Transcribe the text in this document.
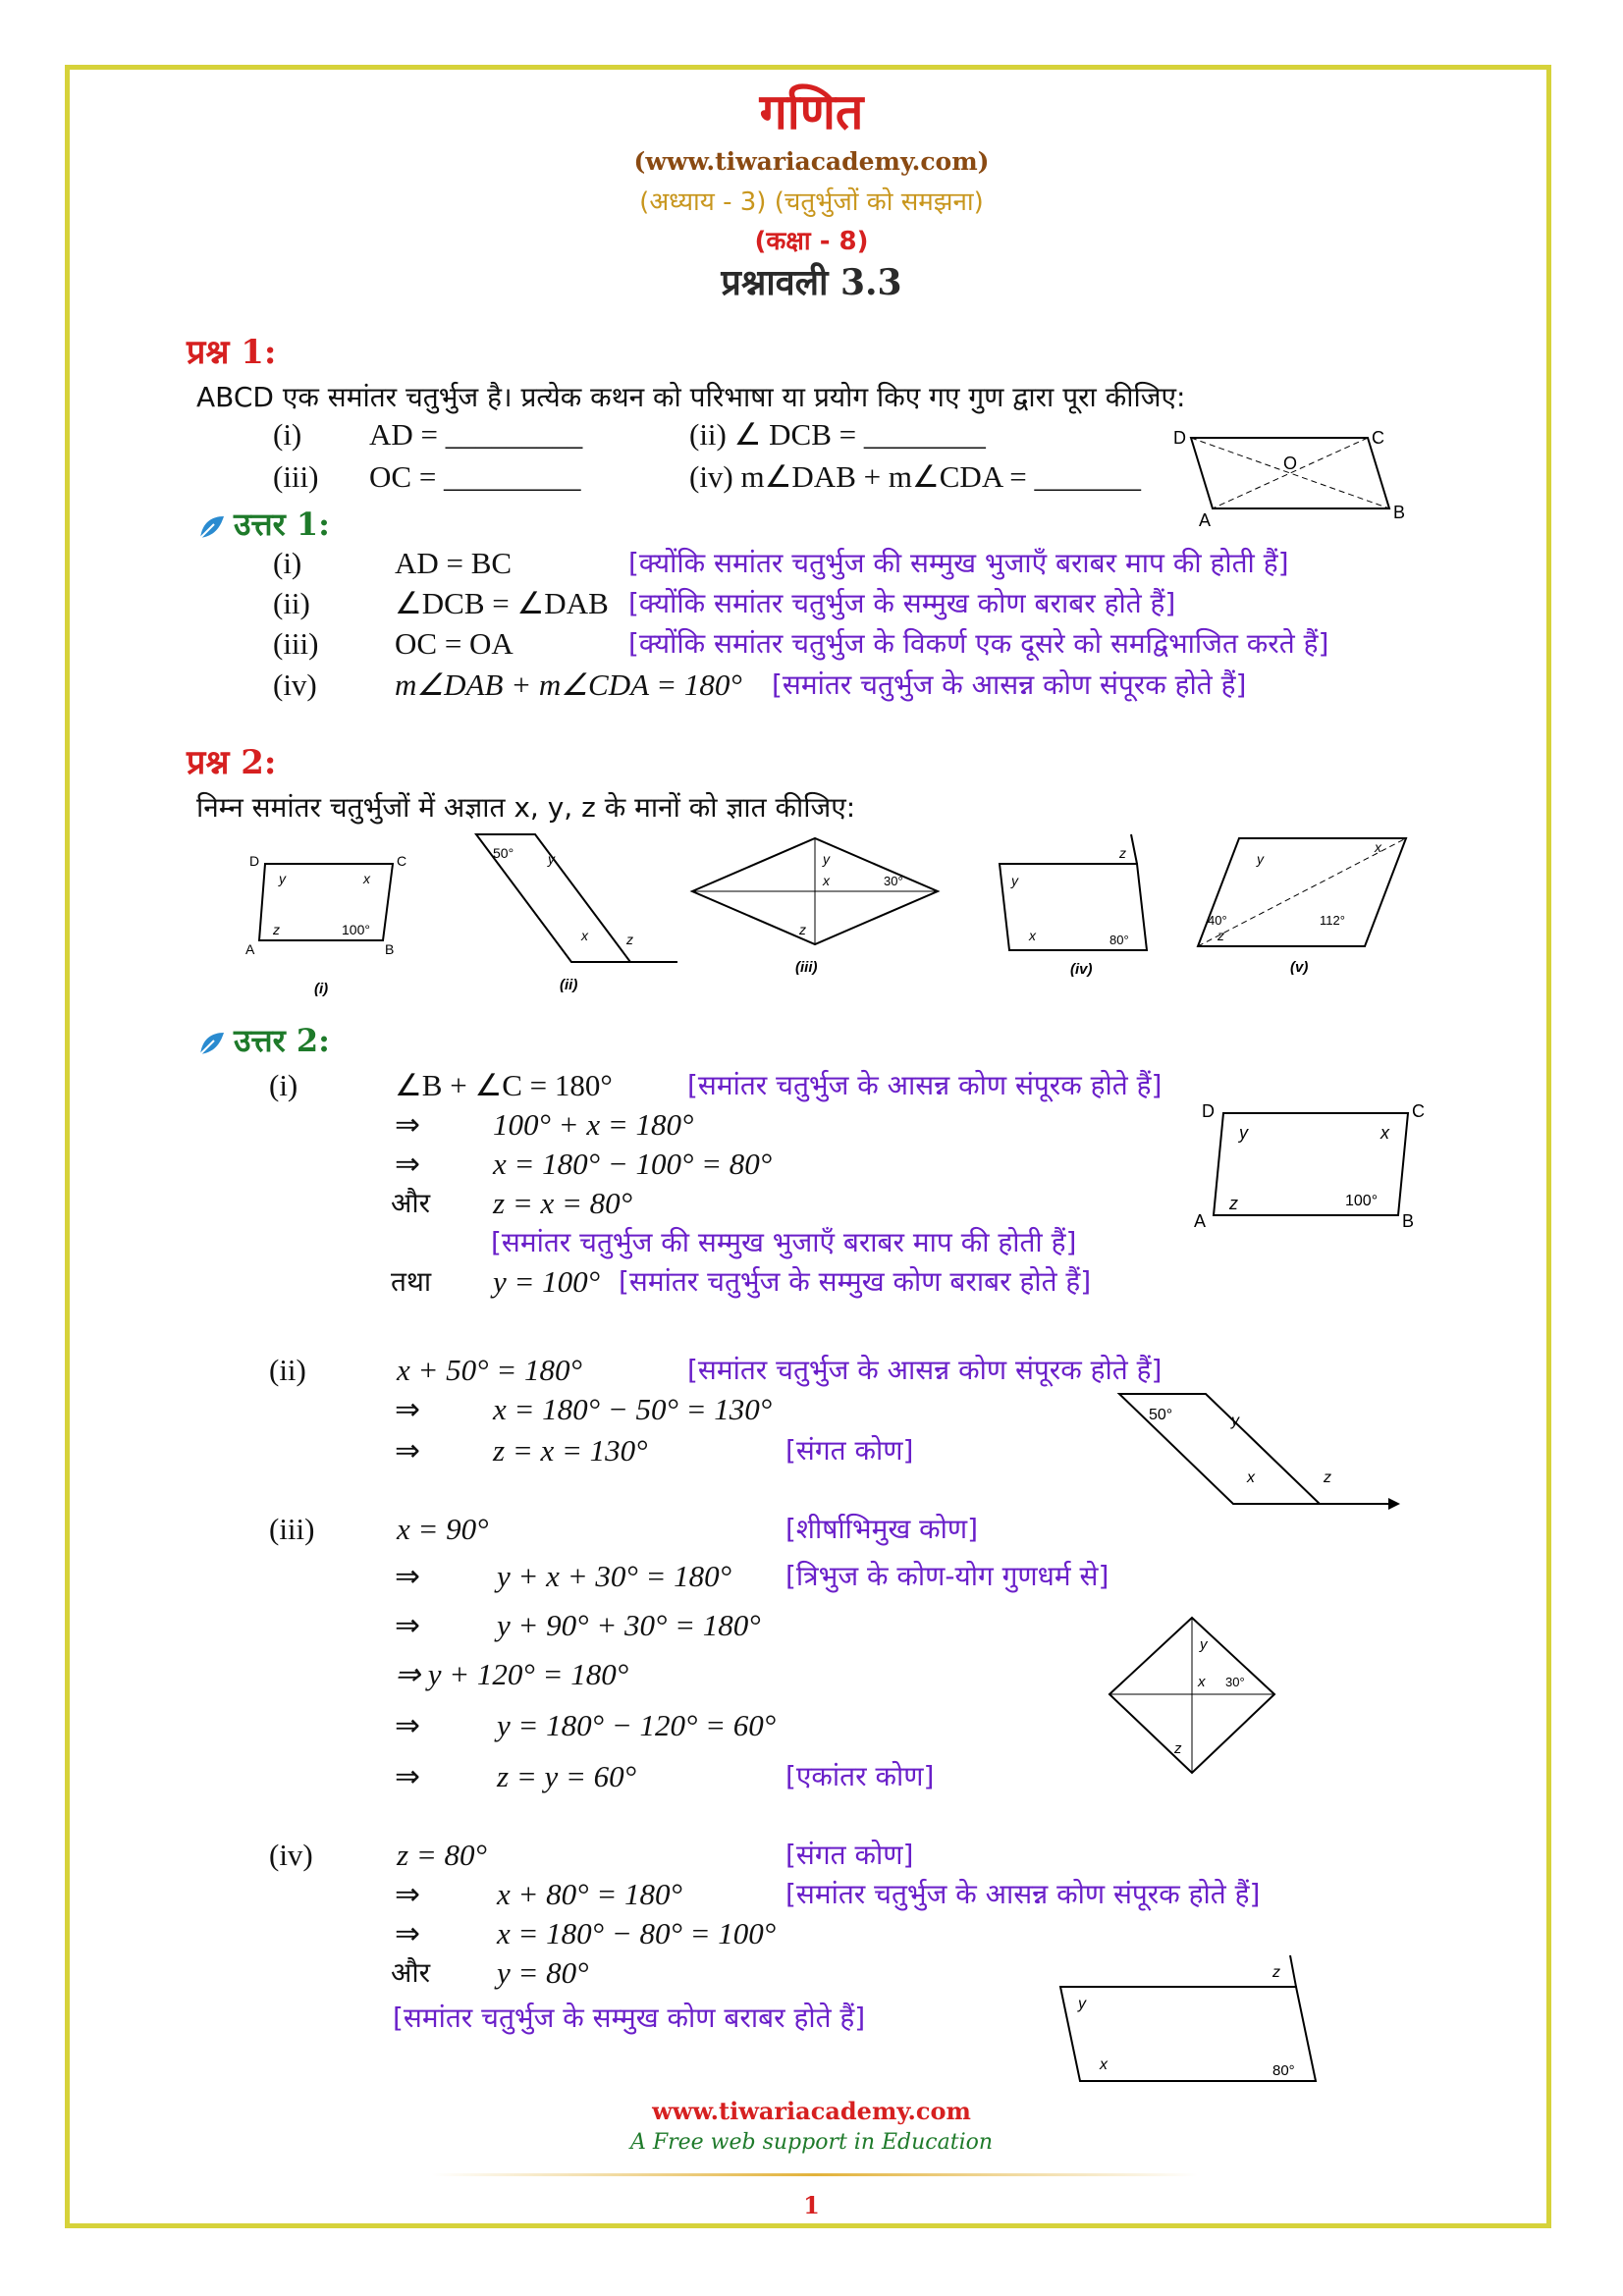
गणित
(www.tiwariacademy.com)
(अध्याय - 3) (चतुर्भुजों को समझना)
(कक्षा - 8)
प्रश्नावली 3.3
प्रश्न 1:
ABCD एक समांतर चतुर्भुज है। प्रत्येक कथन को परिभाषा या प्रयोग किए गए गुण द्वारा पूरा कीजिए:
(i) AD = _________	(ii) ∠ DCB = ________
(iii) OC = _________	(iv) m∠DAB + m∠CDA = _______
D	C
O
A	B
उत्तर 1:
(i)	AD = BC	[क्योंकि समांतर चतुर्भुज की सम्मुख भुजाएँ बराबर माप की होती हैं]
(ii)	∠DCB = ∠DAB [क्योंकि समांतर चतुर्भुज के सम्मुख कोण बराबर होते हैं]
(iii)	OC = OA	[क्योंकि समांतर चतुर्भुज के विकर्ण एक दूसरे को समद्विभाजित करते हैं]
(iv)	m∠DAB + m∠CDA = 180° [समांतर चतुर्भुज के आसन्न कोण संपूरक होते हैं]
प्रश्न 2:
निम्न समांतर चतुर्भुजों में अज्ञात x, y, z के मानों को ज्ञात कीजिए:
D	C
A	B
y	x
z	100°
(i)
50° y
x	z
(ii)
y
x	30°
z
(iii)
y
z
x	80°
(iv)
y
x
40°
z
112°
(v)
उत्तर 2:
(i)	∠B + ∠C = 180°	[समांतर चतुर्भुज के आसन्न कोण संपूरक होते हैं]
⇒ 100° + x = 180°
⇒ x = 180° − 100° = 80°
और z = x = 80°
[समांतर चतुर्भुज की सम्मुख भुजाएँ बराबर माप की होती हैं]
तथा y = 100° [समांतर चतुर्भुज के सम्मुख कोण बराबर होते हैं]
D	C
A	B
y	x
z	100°
(ii)	x + 50° = 180°	[समांतर चतुर्भुज के आसन्न कोण संपूरक होते हैं]
⇒ x = 180° − 50° = 130°
⇒ z = x = 130°	[संगत कोण]
50°	y
x	z
(iii)	x = 90°	[शीर्षाभिमुख कोण]
⇒	y + x + 30° = 180° [त्रिभुज के कोण-योग गुणधर्म से]
⇒	y + 90° + 30° = 180°
⇒ y + 120° = 180°
⇒	y = 180° − 120° = 60°
⇒	z = y = 60°	[एकांतर कोण]
y
x 30°
z
(iv)	z = 80°	[संगत कोण]
⇒	x + 80° = 180°	[समांतर चतुर्भुज के आसन्न कोण संपूरक होते हैं]
⇒	x = 180° − 80° = 100°
और y = 80°
[समांतर चतुर्भुज के सम्मुख कोण बराबर होते हैं]	y
z
x	80°
www.tiwariacademy.com
A Free web support in Education
1
